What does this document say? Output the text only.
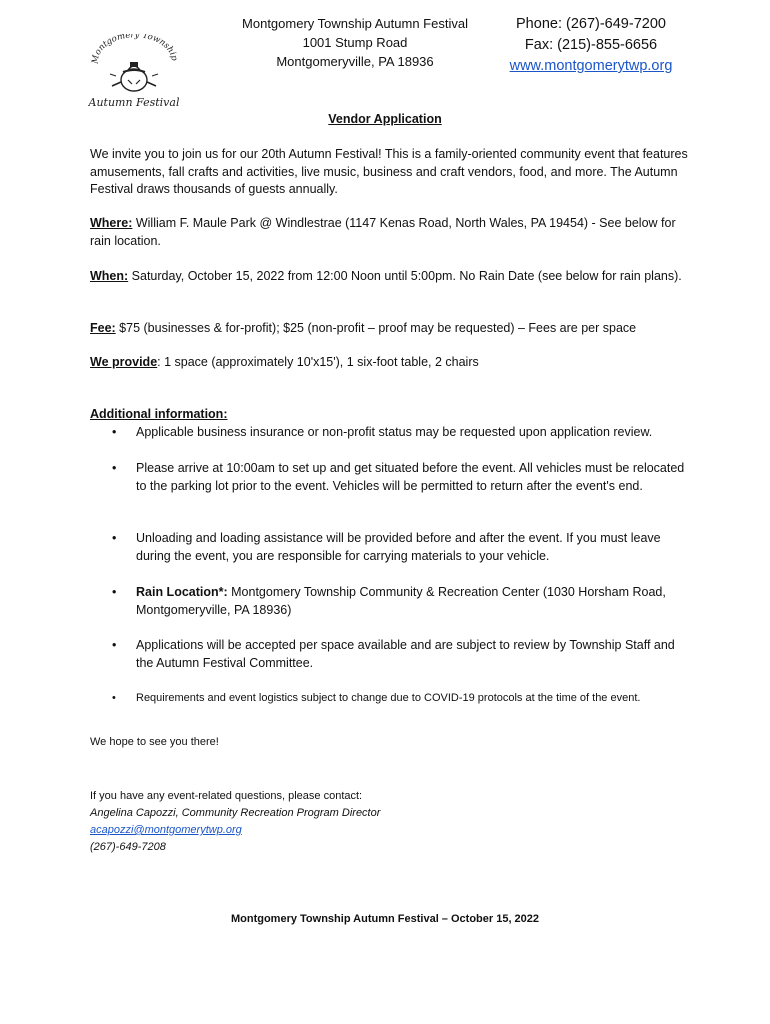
Montgomery Township
Autumn Festival
Montgomery Township Autumn Festival
1001 Stump Road
Montgomeryville, PA 18936
Phone: (267)-649-7200
Fax: (215)-855-6656
www.montgomerytwp.org
Vendor Application

We invite you to join us for our 20th Autumn Festival! This is a family-oriented community event that features amusements, fall crafts and activities, live music, business and craft vendors, food, and more. The Autumn Festival draws thousands of guests annually.

Where: William F. Maule Park @ Windlestrae (1147 Kenas Road, North Wales, PA 19454) - See below for rain location.

When: Saturday, October 15, 2022 from 12:00 Noon until 5:00pm. No Rain Date (see below for rain plans).

Fee: $75 (businesses & for-profit); $25 (non-profit – proof may be requested) – Fees are per space

We provide: 1 space (approximately 10'x15'), 1 six-foot table, 2 chairs

Additional information:

•	Applicable business insurance or non-profit status may be requested upon application review.
•	Please arrive at 10:00am to set up and get situated before the event. All vehicles must be relocated to the parking lot prior to the event. Vehicles will be permitted to return after the event's end.
•	Unloading and loading assistance will be provided before and after the event. If you must leave during the event, you are responsible for carrying materials to your vehicle.
•	Rain Location*: Montgomery Township Community & Recreation Center (1030 Horsham Road, Montgomeryville, PA 18936)
•	Applications will be accepted per space available and are subject to review by Township Staff and the Autumn Festival Committee.
•	Requirements and event logistics subject to change due to COVID-19 protocols at the time of the event.

We hope to see you there!

If you have any event-related questions, please contact:
Angelina Capozzi, Community Recreation Program Director
acapozzi@montgomerytwp.org
(267)-649-7208
Montgomery Township Autumn Festival – October 15, 2022
